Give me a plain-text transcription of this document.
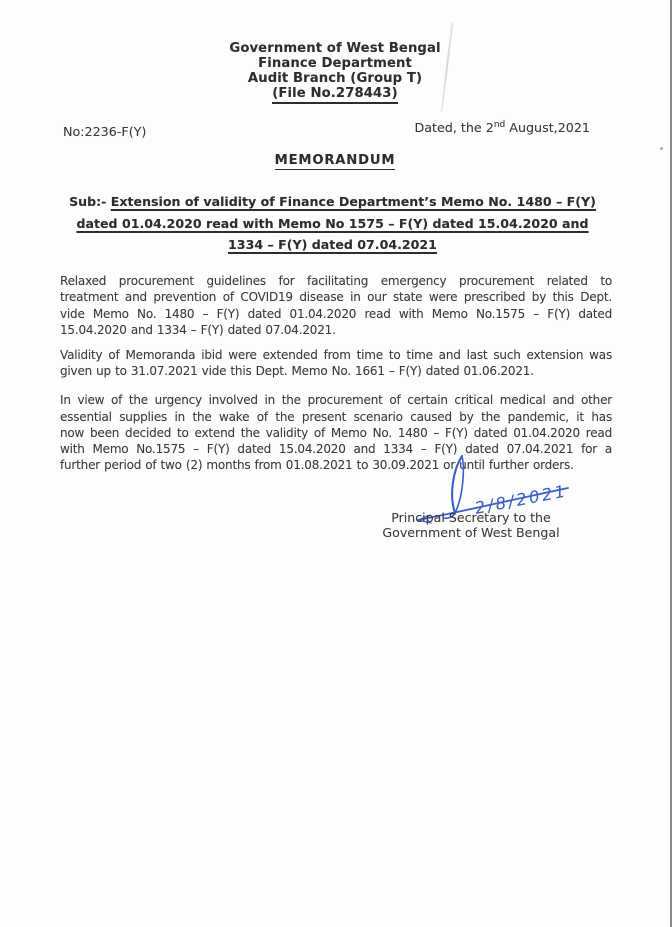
Government of West Bengal
Finance Department
Audit Branch (Group T)
(File No.278443)
No:2236-F(Y)	Dated, the 2nd August,2021
MEMORANDUM
Sub:- Extension of validity of Finance Department’s Memo No. 1480 – F(Y)
dated 01.04.2020 read with Memo No 1575 – F(Y) dated 15.04.2020 and
1334 – F(Y) dated 07.04.2021
Relaxed procurement guidelines for facilitating emergency procurement related to
treatment and prevention of COVID19 disease in our state were prescribed by this Dept.
vide Memo No. 1480 – F(Y) dated 01.04.2020 read with Memo No.1575 – F(Y) dated
15.04.2020 and 1334 – F(Y) dated 07.04.2021.
Validity of Memoranda ibid were extended from time to time and last such extension was
given up to 31.07.2021 vide this Dept. Memo No. 1661 – F(Y) dated 01.06.2021.
In view of the urgency involved in the procurement of certain critical medical and other
essential supplies in the wake of the present scenario caused by the pandemic, it has
now been decided to extend the validity of Memo No. 1480 – F(Y) dated 01.04.2020 read
with Memo No.1575 – F(Y) dated 15.04.2020 and 1334 – F(Y) dated 07.04.2021 for a
further period of two (2) months from 01.08.2021 to 30.09.2021 or until further orders.
2/8/2021
Principal Secretary to the
Government of West Bengal
